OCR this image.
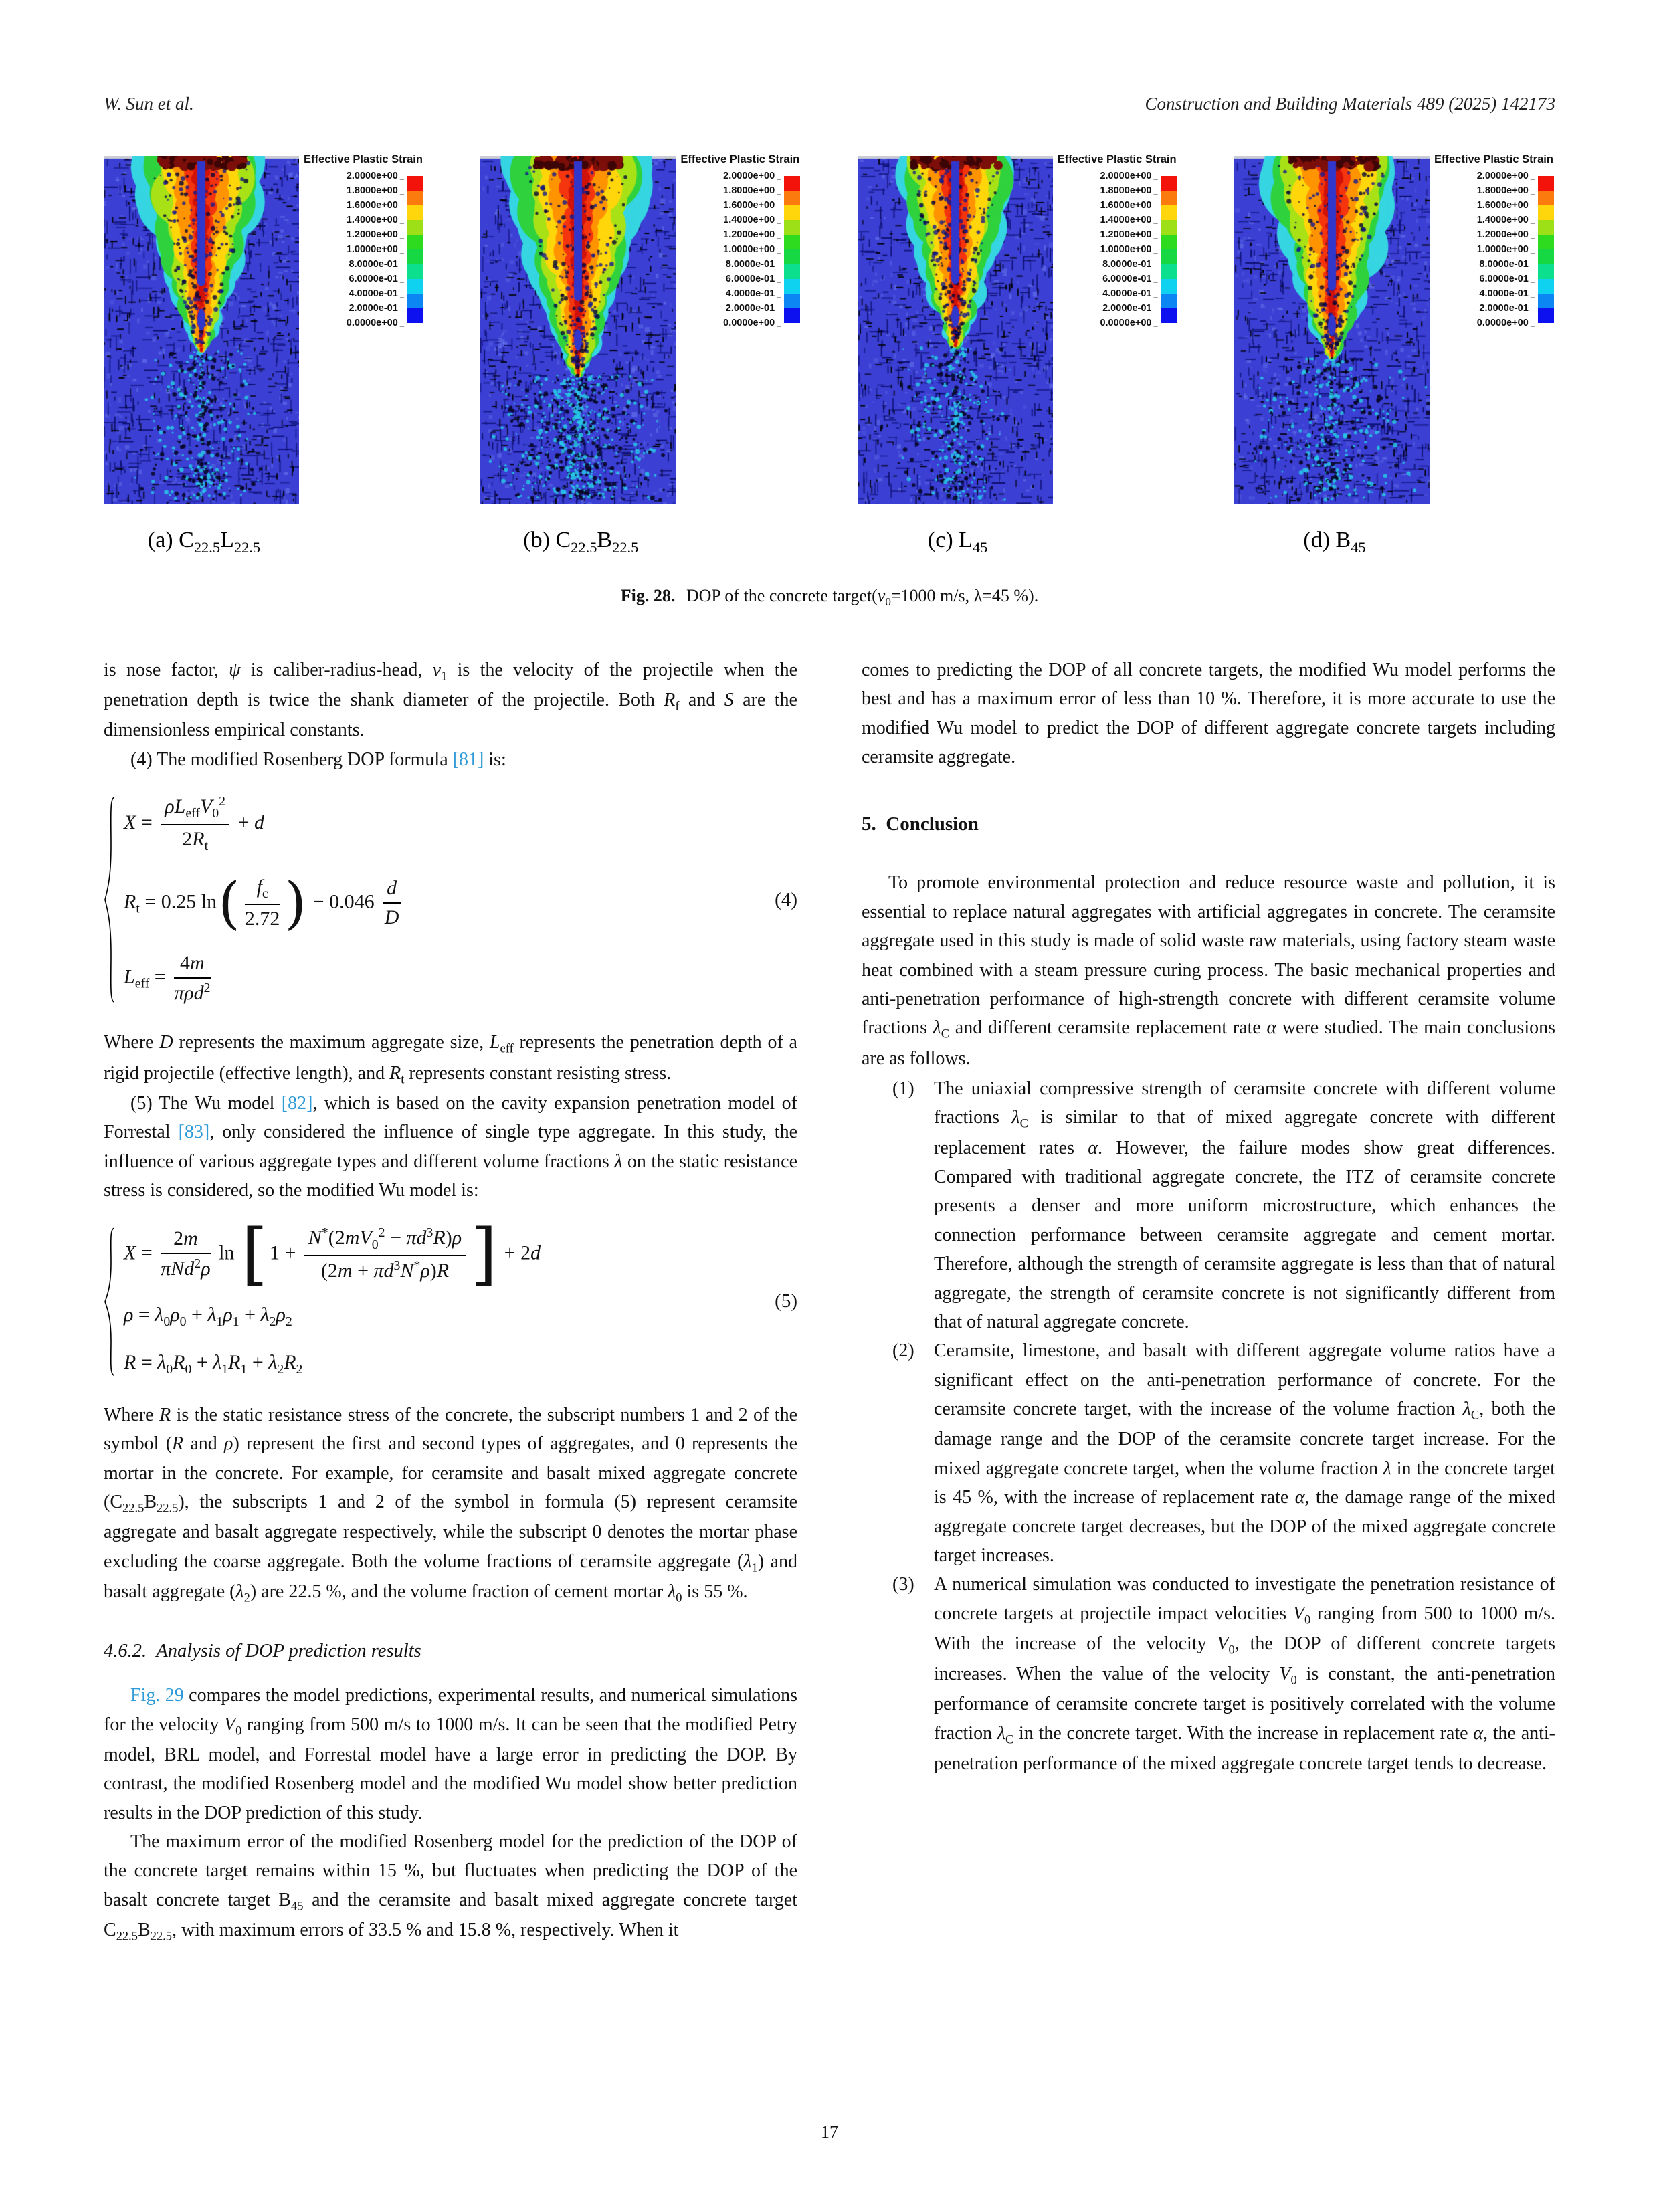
W. Sun et al.	Construction and Building Materials 489 (2025) 142173
Effective Plastic Strain
2.0000e+00 _
1.8000e+00 _
1.6000e+00 _
1.4000e+00 _
1.2000e+00 _
1.0000e+00 _
8.0000e-01 _
6.0000e-01 _
4.0000e-01 _
2.0000e-01 _
0.0000e+00 _
Effective Plastic Strain
2.0000e+00 _
1.8000e+00 _
1.6000e+00 _
1.4000e+00 _
1.2000e+00 _
1.0000e+00 _
8.0000e-01 _
6.0000e-01 _
4.0000e-01 _
2.0000e-01 _
0.0000e+00 _
Effective Plastic Strain
2.0000e+00 _
1.8000e+00 _
1.6000e+00 _
1.4000e+00 _
1.2000e+00 _
1.0000e+00 _
8.0000e-01 _
6.0000e-01 _
4.0000e-01 _
2.0000e-01 _
0.0000e+00 _
Effective Plastic Strain
2.0000e+00 _
1.8000e+00 _
1.6000e+00 _
1.4000e+00 _
1.2000e+00 _
1.0000e+00 _
8.0000e-01 _
6.0000e-01 _
4.0000e-01 _
2.0000e-01 _
0.0000e+00 _
(a) $C_{22.5}L_{22.5}$	(b) $C_{22.5}B_{22.5}$	(c) $L_{45}$	(d) $B_{45}$
Fig. 28. DOP of the concrete $target(v_0=1000$ m/s, λ=45 %).

is nose factor, ψ is caliber-radius-head, $v_1$ is the velocity of the projectile when the penetration depth is twice the shank diameter of the projectile. Both $R_f$ and S are the dimensionless empirical constants.

(4) The modified Rosenberg DOP formula [81] is:

$X = \frac{\rho L_{eff}V_0^2}{2R_t} + d$
$R_t = 0.25$ $\ln( \frac{f_c}{2.72}$ ) − $0.046 \frac{d}{D}$
$L_{eff} = \frac{4m}{\pi\rho d^2}$
(4)

Where D represents the maximum aggregate size, $L_{eff}$ represents the penetration depth of a rigid projectile (effective length), and $R_t$ represents constant resisting stress.

(5) The Wu model [82], which is based on the cavity expansion penetration model of Forrestal [83], only considered the influence of single type aggregate. In this study, the influence of various aggregate types and different volume fractions λ on the static resistance stress is considered, so the modified Wu model is:

$X = \frac{2m}{\pi Nd^2\rho}$ ln [ $1 + \frac{N^*(2mV_0^2 - \pi d^3R)\rho}{(2m + \pi d^3N^*\rho)R}$ ] + 2d
$\rho = \lambda_0\rho_0 + \lambda_1\rho_1 + \lambda_2\rho_2$
$R = \lambda_0R_0 + \lambda_1R_1 + \lambda_2R_2$
(5)

Where R is the static resistance stress of the concrete, the subscript numbers 1 and 2 of the symbol (R and ρ) represent the first and second types of aggregates, and 0 represents the mortar in the concrete. For example, for ceramsite and basalt mixed aggregate concrete $(C_{22.5}B_{22.5})$, the subscripts 1 and 2 of the symbol in formula (5) represent ceramsite aggregate and basalt aggregate respectively, while the subscript 0 denotes the mortar phase excluding the coarse aggregate. Both the volume fractions of ceramsite aggregate $(\lambda_1)$ and basalt aggregate $(\lambda_2)$ are 22.5 %, and the volume fraction of cement mortar $\lambda_0$ is 55 %.

4.6.2. Analysis of DOP prediction results

Fig. 29 compares the model predictions, experimental results, and numerical simulations for the velocity $V_0$ ranging from 500 m/s to 1000 m/s. It can be seen that the modified Petry model, BRL model, and Forrestal model have a large error in predicting the DOP. By contrast, the modified Rosenberg model and the modified Wu model show better prediction results in the DOP prediction of this study.

The maximum error of the modified Rosenberg model for the prediction of the DOP of the concrete target remains within 15 %, but fluctuates when predicting the DOP of the basalt concrete target $B_{45}$ and the ceramsite and basalt mixed aggregate concrete target $C_{22.5}B_{22.5}$, with maximum errors of 33.5 % and 15.8 %, respectively. When it

comes to predicting the DOP of all concrete targets, the modified Wu model performs the best and has a maximum error of less than 10 %. Therefore, it is more accurate to use the modified Wu model to predict the DOP of different aggregate concrete targets including ceramsite aggregate.

5. Conclusion

To promote environmental protection and reduce resource waste and pollution, it is essential to replace natural aggregates with artificial aggregates in concrete. The ceramsite aggregate used in this study is made of solid waste raw materials, using factory steam waste heat combined with a steam pressure curing process. The basic mechanical properties and anti-penetration performance of high-strength concrete with different ceramsite volume fractions $\lambda_C$ and different ceramsite replacement rate α were studied. The main conclusions are as follows.

(1)	The uniaxial compressive strength of ceramsite concrete with different volume fractions $\lambda_C$ is similar to that of mixed aggregate concrete with different replacement rates α. However, the failure modes show great differences. Compared with traditional aggregate concrete, the ITZ of ceramsite concrete presents a denser and more uniform microstructure, which enhances the connection performance between ceramsite aggregate and cement mortar. Therefore, although the strength of ceramsite aggregate is less than that of natural aggregate, the strength of ceramsite concrete is not significantly different from that of natural aggregate concrete.
(2)	Ceramsite, limestone, and basalt with different aggregate volume ratios have a significant effect on the anti-penetration performance of concrete. For the ceramsite concrete target, with the increase of the volume fraction $\lambda_C$, both the damage range and the DOP of the ceramsite concrete target increase. For the mixed aggregate concrete target, when the volume fraction λ in the concrete target is 45 %, with the increase of replacement rate α, the damage range of the mixed aggregate concrete target decreases, but the DOP of the mixed aggregate concrete target increases.
(3)	A numerical simulation was conducted to investigate the penetration resistance of concrete targets at projectile impact velocities $V_0$ ranging from 500 to 1000 m/s. With the increase of the velocity $V_0$, the DOP of different concrete targets increases. When the value of the velocity $V_0$ is constant, the anti-penetration performance of ceramsite concrete target is positively correlated with the volume fraction $\lambda_C$ in the concrete target. With the increase in replacement rate α, the anti-penetration performance of the mixed aggregate concrete target tends to decrease.
17
